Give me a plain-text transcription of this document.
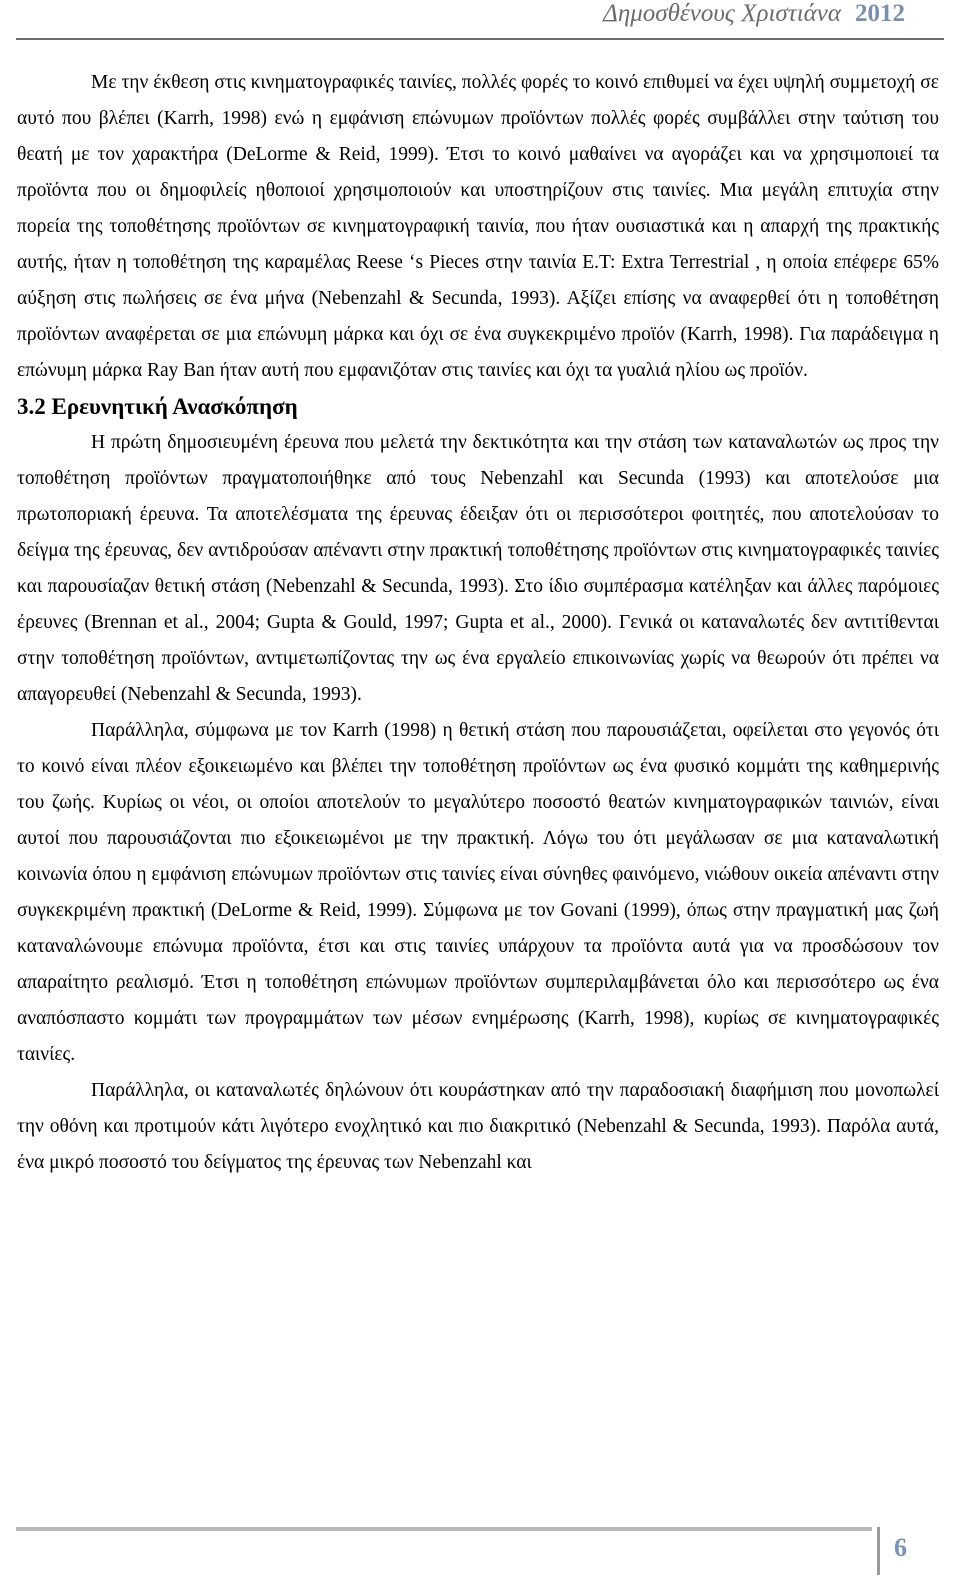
Δημοσθένους Χριστιάνα 2012

Με την έκθεση στις κινηματογραφικές ταινίες, πολλές φορές το κοινό επιθυμεί να έχει υψηλή συμμετοχή σε αυτό που βλέπει (Karrh, 1998) ενώ η εμφάνιση επώνυμων προϊόντων πολλές φορές συμβάλλει στην ταύτιση του θεατή με τον χαρακτήρα (DeLorme & Reid, 1999). Έτσι το κοινό μαθαίνει να αγοράζει και να χρησιμοποιεί τα προϊόντα που οι δημοφιλείς ηθοποιοί χρησιμοποιούν και υποστηρίζουν στις ταινίες. Μια μεγάλη επιτυχία στην πορεία της τοποθέτησης προϊόντων σε κινηματογραφική ταινία, που ήταν ουσιαστικά και η απαρχή της πρακτικής αυτής, ήταν η τοποθέτηση της καραμέλας Reese ‘s Pieces στην ταινία E.T: Extra Terrestrial , η οποία επέφερε 65% αύξηση στις πωλήσεις σε ένα μήνα (Nebenzahl & Secunda, 1993). Αξίζει επίσης να αναφερθεί ότι η τοποθέτηση προϊόντων αναφέρεται σε μια επώνυμη μάρκα και όχι σε ένα συγκεκριμένο προϊόν (Karrh, 1998). Για παράδειγμα η επώνυμη μάρκα Ray Ban ήταν αυτή που εμφανιζόταν στις ταινίες και όχι τα γυαλιά ηλίου ως προϊόν.

3.2 Ερευνητική Ανασκόπηση

Η πρώτη δημοσιευμένη έρευνα που μελετά την δεκτικότητα και την στάση των καταναλωτών ως προς την τοποθέτηση προϊόντων πραγματοποιήθηκε από τους Nebenzahl και Secunda (1993) και αποτελούσε μια πρωτοποριακή έρευνα. Τα αποτελέσματα της έρευνας έδειξαν ότι οι περισσότεροι φοιτητές, που αποτελούσαν το δείγμα της έρευνας, δεν αντιδρούσαν απέναντι στην πρακτική τοποθέτησης προϊόντων στις κινηματογραφικές ταινίες και παρουσίαζαν θετική στάση (Nebenzahl & Secunda, 1993). Στο ίδιο συμπέρασμα κατέληξαν και άλλες παρόμοιες έρευνες (Brennan et al., 2004; Gupta & Gould, 1997; Gupta et al., 2000). Γενικά οι καταναλωτές δεν αντιτίθενται στην τοποθέτηση προϊόντων, αντιμετωπίζοντας την ως ένα εργαλείο επικοινωνίας χωρίς να θεωρούν ότι πρέπει να απαγορευθεί (Nebenzahl & Secunda, 1993).

Παράλληλα, σύμφωνα με τον Karrh (1998) η θετική στάση που παρουσιάζεται, οφείλεται στο γεγονός ότι το κοινό είναι πλέον εξοικειωμένο και βλέπει την τοποθέτηση προϊόντων ως ένα φυσικό κομμάτι της καθημερινής του ζωής. Κυρίως οι νέοι, οι οποίοι αποτελούν το μεγαλύτερο ποσοστό θεατών κινηματογραφικών ταινιών, είναι αυτοί που παρουσιάζονται πιο εξοικειωμένοι με την πρακτική. Λόγω του ότι μεγάλωσαν σε μια καταναλωτική κοινωνία όπου η εμφάνιση επώνυμων προϊόντων στις ταινίες είναι σύνηθες φαινόμενο, νιώθουν οικεία απέναντι στην συγκεκριμένη πρακτική (DeLorme & Reid, 1999). Σύμφωνα με τον Govani (1999), όπως στην πραγματική μας ζωή καταναλώνουμε επώνυμα προϊόντα, έτσι και στις ταινίες υπάρχουν τα προϊόντα αυτά για να προσδώσουν τον απαραίτητο ρεαλισμό. Έτσι η τοποθέτηση επώνυμων προϊόντων συμπεριλαμβάνεται όλο και περισσότερο ως ένα αναπόσπαστο κομμάτι των προγραμμάτων των μέσων ενημέρωσης (Karrh, 1998), κυρίως σε κινηματογραφικές ταινίες.

Παράλληλα, οι καταναλωτές δηλώνουν ότι κουράστηκαν από την παραδοσιακή διαφήμιση που μονοπωλεί την οθόνη και προτιμούν κάτι λιγότερο ενοχλητικό και πιο διακριτικό (Nebenzahl & Secunda, 1993). Παρόλα αυτά, ένα μικρό ποσοστό του δείγματος της έρευνας των Nebenzahl και

6
